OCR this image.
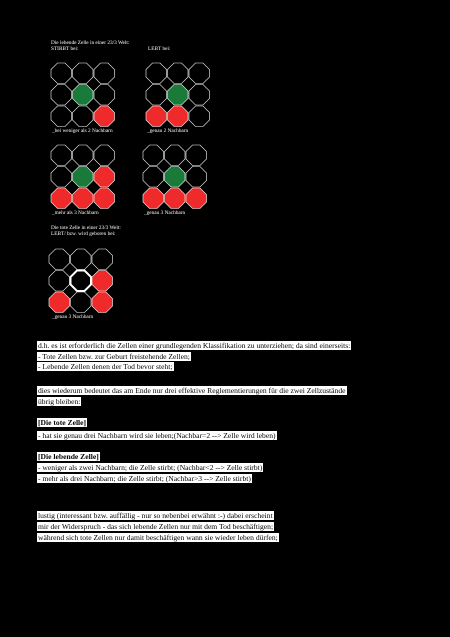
Die lebende Zelle in einer 23/3 Welt:
STIRBT bei:	LEBT bei:
_bei weniger als 2 Nachbarn	_genau 2 Nachbarn
_mehr als 3 Nachbarn	_genau 3 Nachbarn
Die tote Zelle in einer 23/3 Welt:
LEBT/ bzw. wird geboren bei:
_genau 3 Nachbarn
d.h. es ist erforderlich die Zellen einer grundlegenden Klassifikation zu unterziehen; da sind einerseits:
- Tote Zellen bzw. zur Geburt freistehende Zellen;
- Lebende Zellen denen der Tod bevor steht;
dies wiederum bedeutet das am Ende nur drei effektive Reglementierungen für die zwei Zellzustände
übrig bleiben:
[Die tote Zelle]
- hat sie genau drei Nachbarn wird sie leben;(Nachbar=2 --> Zelle wird leben)
[Die lebende Zelle]
- weniger als zwei Nachbarn; die Zelle stirbt; (Nachbar<2 --> Zelle stirbt)
- mehr als drei Nachbarn; die Zelle stirbt; (Nachbar>3 --> Zelle stirbt)
lustig (interessant bzw. auffällig - nur so nebenbei erwähnt :-) dabei erscheint
mir der Widerspruch - das sich lebende Zellen nur mit dem Tod beschäftigen;
während sich tote Zellen nur damit beschäftigen wann sie wieder leben dürfen;
